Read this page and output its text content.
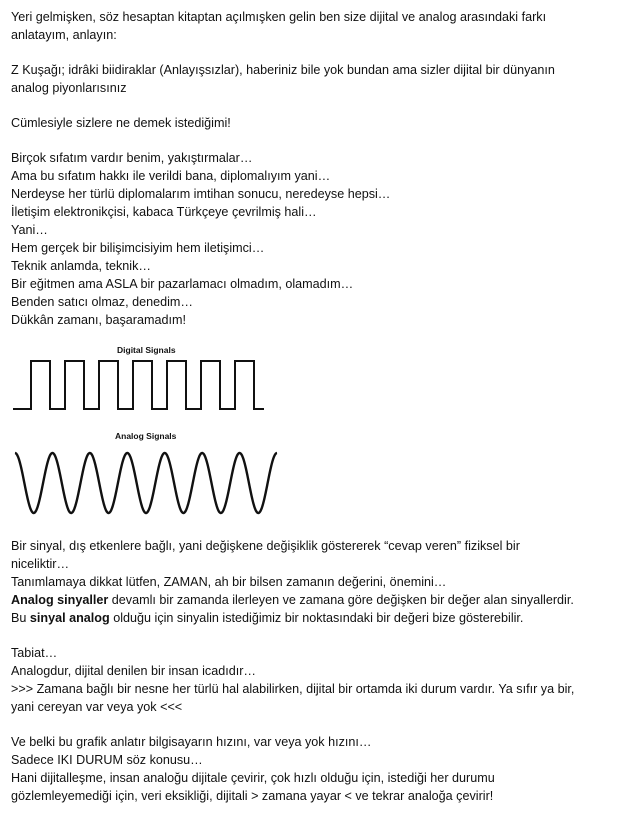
Yeri gelmişken, söz hesaptan kitaptan açılmışken gelin ben size dijital ve analog arasındaki farkı
anlatayım, anlayın:
Z Kuşağı; idrâki biidiraklar (Anlayışsızlar), haberiniz bile yok bundan ama sizler dijital bir dünyanın
analog piyonlarısınız
Cümlesiyle sizlere ne demek istediğimi!
Birçok sıfatım vardır benim, yakıştırmalar…
Ama bu sıfatım hakkı ile verildi bana, diplomalıyım yani…
Nerdeyse her türlü diplomalarım imtihan sonucu, neredeyse hepsi…
İletişim elektronikçisi, kabaca Türkçeye çevrilmiş hali…
Yani…
Hem gerçek bir bilişimcisiyim hem iletişimci…
Teknik anlamda, teknik…
Bir eğitmen ama ASLA bir pazarlamacı olmadım, olamadım…
Benden satıcı olmaz, denedim…
Dükkân zamanı, başaramadım!
Digital Signals
Analog Signals
Bir sinyal, dış etkenlere bağlı, yani değişkene değişiklik göstererek “cevap veren” fiziksel bir
niceliktir…
Tanımlamaya dikkat lütfen, ZAMAN, ah bir bilsen zamanın değerini, önemini…
Analog sinyaller devamlı bir zamanda ilerleyen ve zamana göre değişken bir değer alan sinyallerdir.
Bu sinyal analog olduğu için sinyalin istediğimiz bir noktasındaki bir değeri bize gösterebilir.
Tabiat…
Analogdur, dijital denilen bir insan icadıdır…
>>> Zamana bağlı bir nesne her türlü hal alabilirken, dijital bir ortamda iki durum vardır. Ya sıfır ya bir,
yani cereyan var veya yok <<<
Ve belki bu grafik anlatır bilgisayarın hızını, var veya yok hızını…
Sadece IKI DURUM söz konusu…
Hani dijitalleşme, insan analoğu dijitale çevirir, çok hızlı olduğu için, istediği her durumu
gözlemleyemediği için, veri eksikliği, dijitali > zamana yayar < ve tekrar analoğa çevirir!
